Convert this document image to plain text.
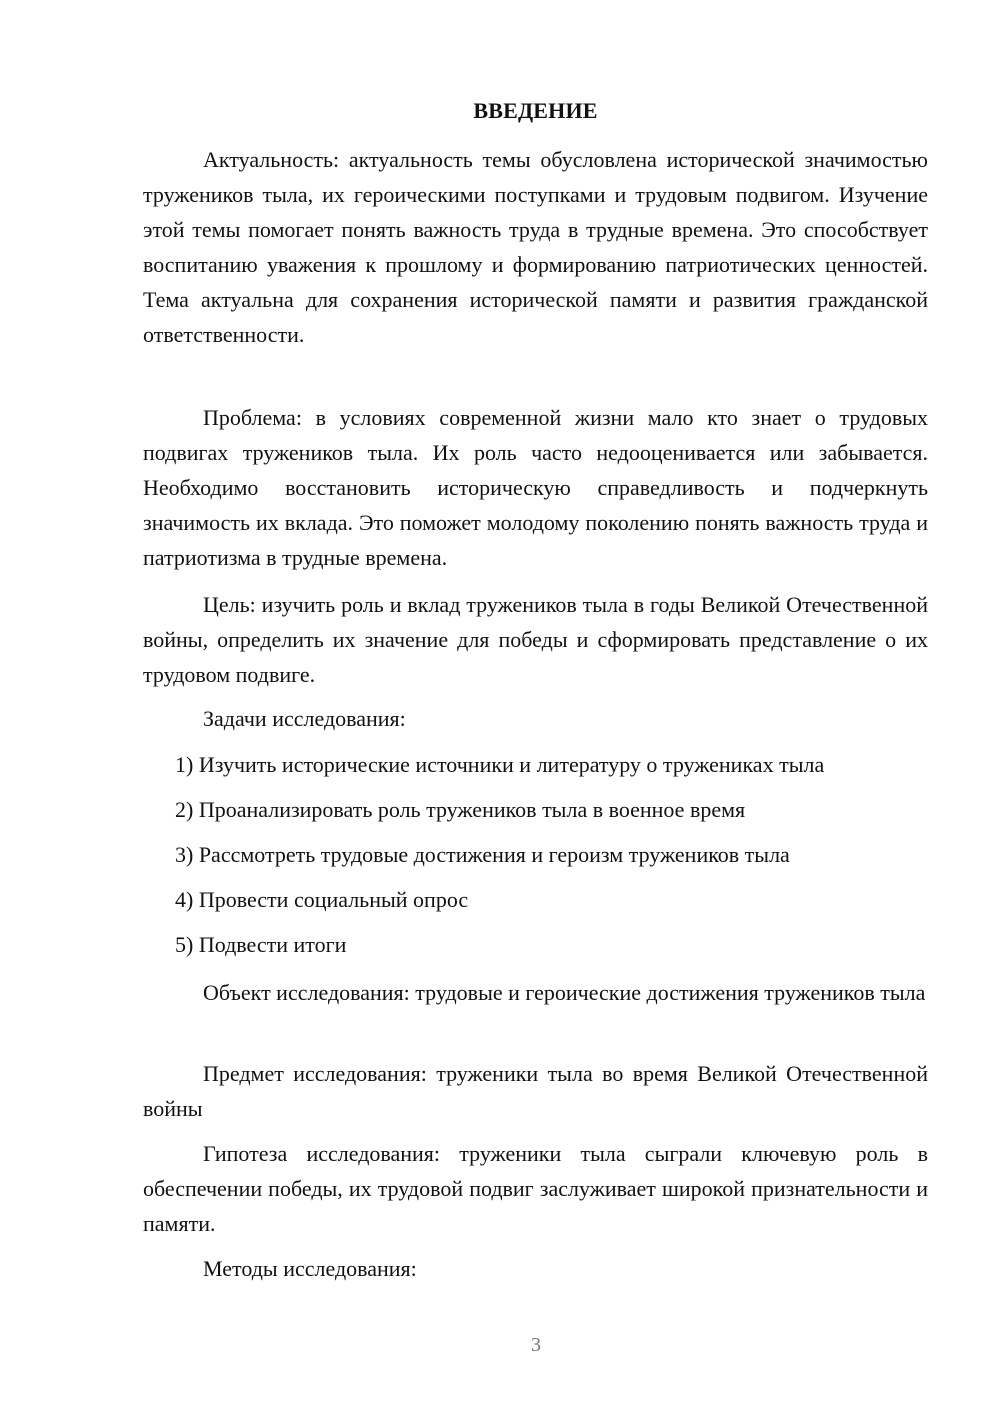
ВВЕДЕНИЕ

Актуальность: актуальность темы обусловлена исторической значимостью тружеников тыла, их героическими поступками и трудовым подвигом. Изучение этой темы помогает понять важность труда в трудные времена. Это способствует воспитанию уважения к прошлому и формированию патриотических ценностей. Тема актуальна для сохранения исторической памяти и развития гражданской ответственности.

Проблема: в условиях современной жизни мало кто знает о трудовых подвигах тружеников тыла. Их роль часто недооценивается или забывается. Необходимо восстановить историческую справедливость и подчеркнуть значимость их вклада. Это поможет молодому поколению понять важность труда и патриотизма в трудные времена.

Цель: изучить роль и вклад тружеников тыла в годы Великой Отечественной войны, определить их значение для победы и сформировать представление о их трудовом подвиге.

Задачи исследования:

1) Изучить исторические источники и литературу о тружениках тыла

2) Проанализировать роль тружеников тыла в военное время

3) Рассмотреть трудовые достижения и героизм тружеников тыла

4) Провести социальный опрос

5) Подвести итоги

Объект исследования: трудовые и героические достижения тружеников тыла

Предмет исследования: труженики тыла во время Великой Отечественной войны

Гипотеза исследования: труженики тыла сыграли ключевую роль в обеспечении победы, их трудовой подвиг заслуживает широкой признательности и памяти.

Методы исследования:

3
